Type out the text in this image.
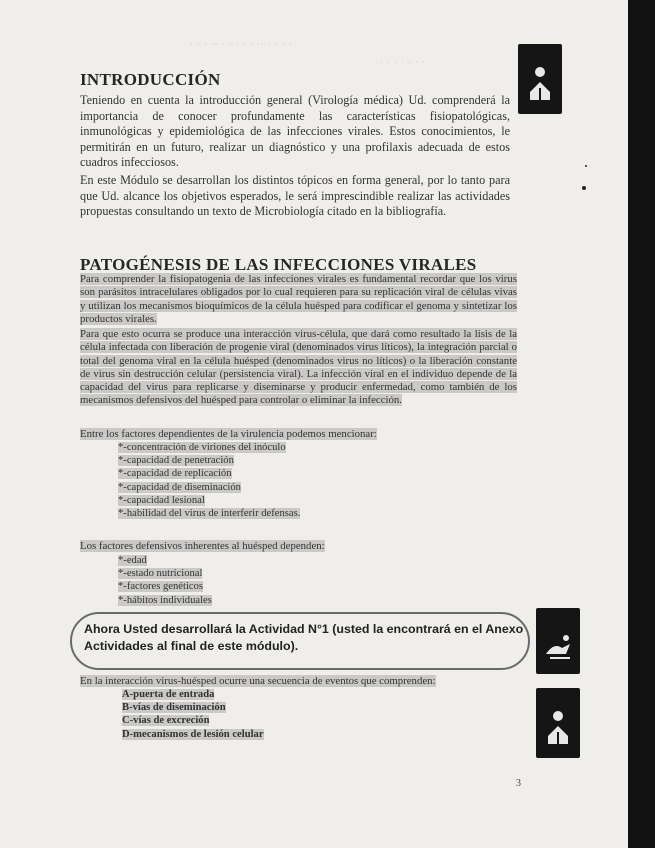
· · · ·· · · · · · ·· · · · ·
· · · · · · ·
INTRODUCCIÓN

Teniendo en cuenta la introducción general (Virología médica) Ud. comprenderá la importancia de conocer profundamente las características fisiopatológicas, inmunológicas y epidemiológica de las infecciones virales. Estos conocimientos, le permitirán en un futuro, realizar un diagnóstico y una profilaxis adecuada de estos cuadros infecciosos.

En este Módulo se desarrollan los distintos tópicos en forma general, por lo tanto para que Ud. alcance los objetivos esperados, le será imprescindible realizar las actividades propuestas consultando un texto de Microbiología citado en la bibliografía.

PATOGÉNESIS DE LAS INFECCIONES VIRALES

Para comprender la fisiopatogenia de las infecciones virales es fundamental recordar que los virus son parásitos intracelulares obligados por lo cual requieren para su replicación viral de células vivas y utilizan los mecanismos bioquímicos de la célula huésped para codificar el genoma y sintetizar los productos virales.

Para que esto ocurra se produce una interacción virus-célula, que dará como resultado la lisis de la célula infectada con liberación de progenie viral (denominados virus líticos), la integración parcial o total del genoma viral en la célula huésped (denominados virus no líticos) o la liberación constante de virus sin destrucción celular (persistencia viral). La infección viral en el individuo depende de la capacidad del virus para replicarse y diseminarse y producir enfermedad, como también de los mecanismos defensivos del huésped para controlar o eliminar la infección.

Entre los factores dependientes de la virulencia podemos mencionar:
*-concentración de viriones del inóculo
*-capacidad de penetración
*-capacidad de replicación
*-capacidad de diseminación
*-capacidad lesional
*-habilidad del virus de interferir defensas.
Los factores defensivos inherentes al huésped dependen:
*-edad
*-estado nutricional
*-factores genéticos
*-hábitos individuales

Ahora Usted desarrollará la Actividad N°1 (usted la encontrará en el Anexo Actividades al final de este módulo).

En la interacción virus-huésped ocurre una secuencia de eventos que comprenden:
A-puerta de entrada
B-vías de diseminación
C-vías de excreción
D-mecanismos de lesión celular
3
